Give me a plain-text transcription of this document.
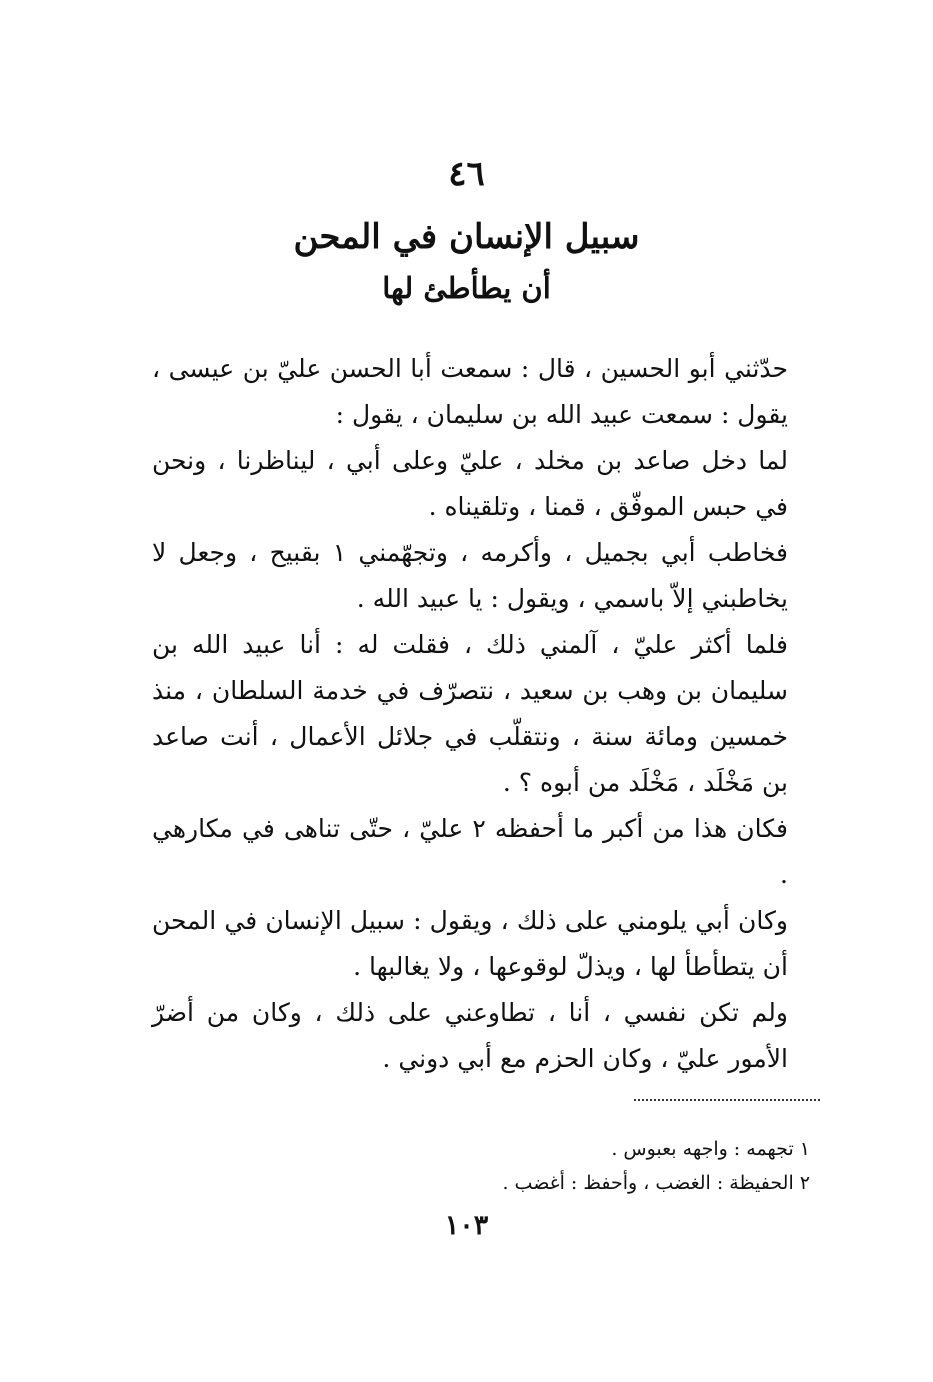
٤٦
سبيل الإنسان في المحن
أن يطأطئ لها

حدّثني أبو الحسين ، قال : سمعت أبا الحسن عليّ بن عيسى ، يقول : سمعت عبيد الله بن سليمان ، يقول :

لما دخل صاعد بن مخلد ، عليّ وعلى أبي ، ليناظرنا ، ونحن في حبس الموفّق ، قمنا ، وتلقيناه .

فخاطب أبي بجميل ، وأكرمه ، وتجهّمني ١ بقبيح ، وجعل لا يخاطبني إلاّ باسمي ، ويقول : يا عبيد الله .

فلما أكثر عليّ ، آلمني ذلك ، فقلت له : أنا عبيد الله بن سليمان بن وهب بن سعيد ، نتصرّف في خدمة السلطان ، منذ خمسين ومائة سنة ، ونتقلّب في جلائل الأعمال ، أنت صاعد بن مَخْلَد ، مَخْلَد من أبوه ؟ .

فكان هذا من أكبر ما أحفظه ٢ عليّ ، حتّى تناهى في مكارهي .

وكان أبي يلومني على ذلك ، ويقول : سبيل الإنسان في المحن أن يتطأطأ لها ، ويذلّ لوقوعها ، ولا يغالبها .

ولم تكن نفسي ، أنا ، تطاوعني على ذلك ، وكان من أضرّ الأمور عليّ ، وكان الحزم مع أبي دوني .

١ تجهمه : واجهه بعبوس .

٢ الحفيظة : الغضب ، وأحفظ : أغضب .

١٠٣
